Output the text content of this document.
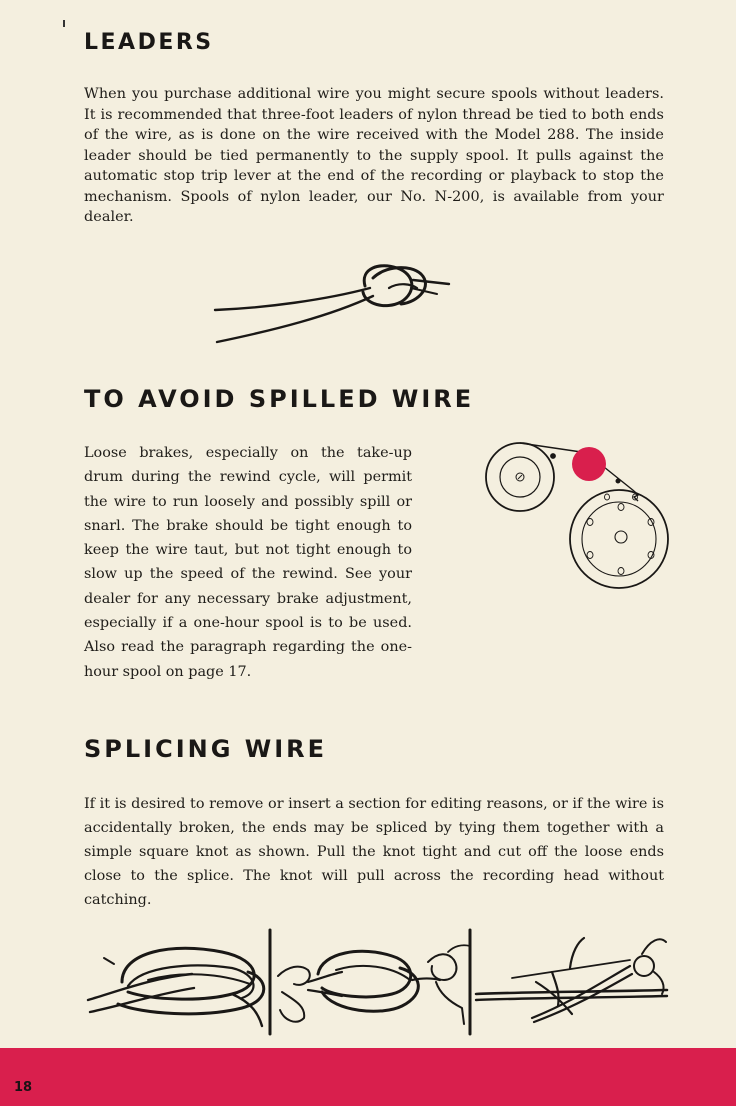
LEADERS

When you purchase additional wire you might secure spools without leaders. It is recommended that three-foot leaders of nylon thread be tied to both ends of the wire, as is done on the wire received with the Model 288. The inside leader should be tied permanently to the supply spool. It pulls against the automatic stop trip lever at the end of the recording or playback to stop the mechanism. Spools of nylon leader, our No. N-200, is available from your dealer.

TO AVOID SPILLED WIRE

Loose brakes, especially on the take-up drum during the rewind cycle, will permit the wire to run loosely and possibly spill or snarl. The brake should be tight enough to keep the wire taut, but not tight enough to slow up the speed of the rewind. See your dealer for any necessary brake adjustment, especially if a one-hour spool is to be used. Also read the paragraph regarding the one-hour spool on page 17.

SPLICING WIRE

If it is desired to remove or insert a section for editing reasons, or if the wire is accidentally broken, the ends may be spliced by tying them together with a simple square knot as shown. Pull the knot tight and cut off the loose ends close to the splice. The knot will pull across the recording head without catching.

18
